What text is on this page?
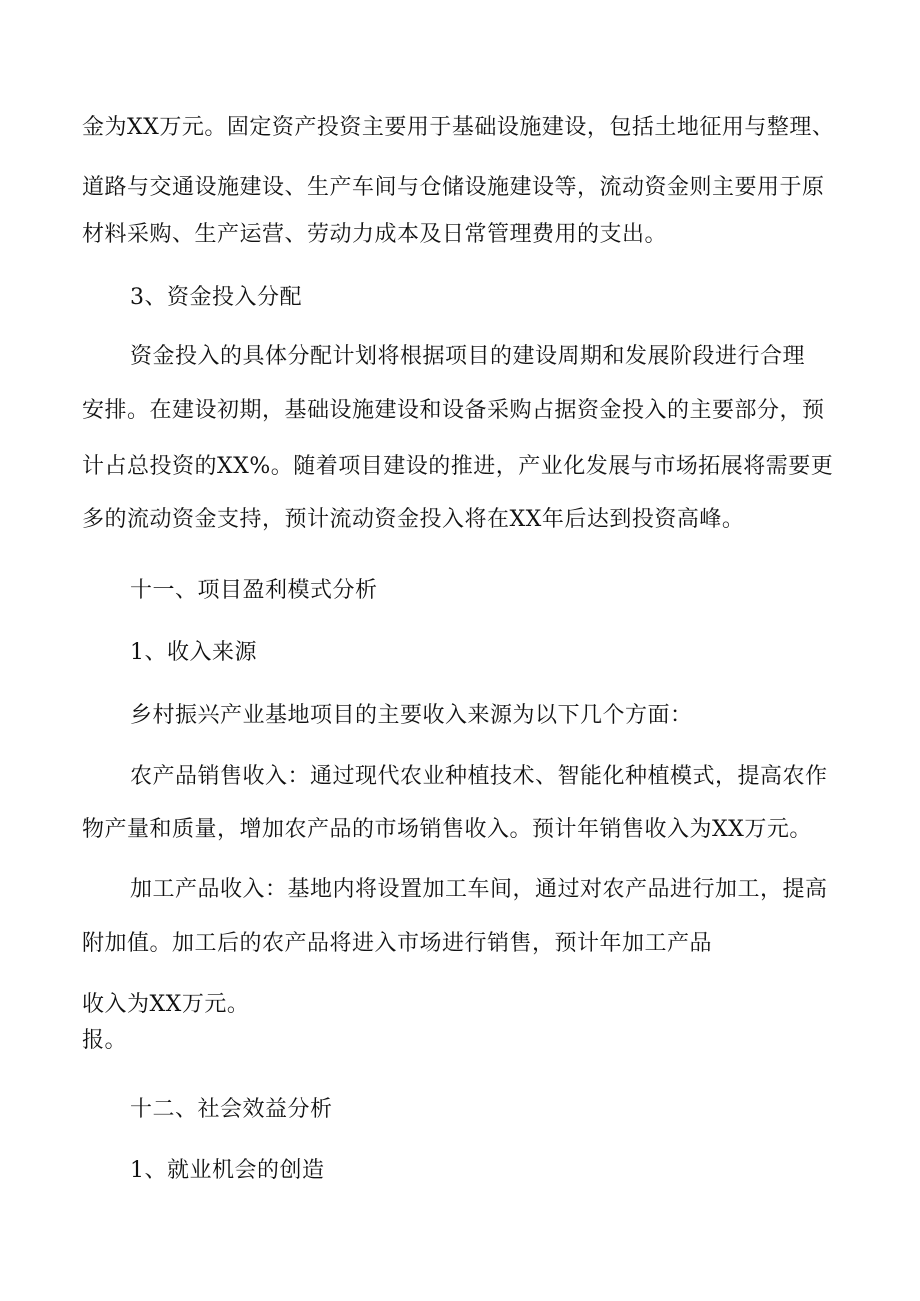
金为XX万元。固定资产投资主要用于基础设施建设，包括土地征用与整理、
道路与交通设施建设、生产车间与仓储设施建设等，流动资金则主要用于原
材料采购、生产运营、劳动力成本及日常管理费用的支出。
3、资金投入分配
资金投入的具体分配计划将根据项目的建设周期和发展阶段进行合理
安排。在建设初期，基础设施建设和设备采购占据资金投入的主要部分，预
计占总投资的XX%。随着项目建设的推进，产业化发展与市场拓展将需要更
多的流动资金支持，预计流动资金投入将在XX年后达到投资高峰。
十一、项目盈利模式分析
1、收入来源
乡村振兴产业基地项目的主要收入来源为以下几个方面：
农产品销售收入：通过现代农业种植技术、智能化种植模式，提高农作
物产量和质量，增加农产品的市场销售收入。预计年销售收入为XX万元。
加工产品收入：基地内将设置加工车间，通过对农产品进行加工，提高
附加值。加工后的农产品将进入市场进行销售，预计年加工产品
收入为XX万元。
报。
十二、社会效益分析
1、就业机会的创造
